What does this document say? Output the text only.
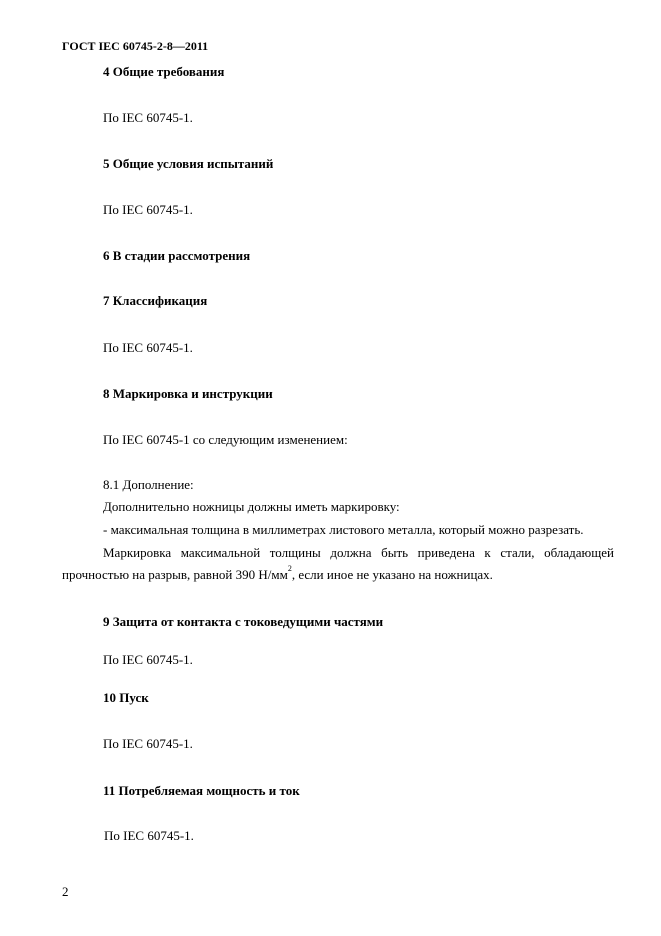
ГОСТ IEC 60745-2-8—2011
4 Общие требования
По IEC 60745-1.
5 Общие условия испытаний
По IEC 60745-1.
6 В стадии рассмотрения
7 Классификация
По IEC 60745-1.
8 Маркировка и инструкции
По IEC 60745-1 со следующим изменением:
8.1 Дополнение:
Дополнительно ножницы должны иметь маркировку:
- максимальная толщина в миллиметрах листового металла, который можно разрезать.
Маркировка максимальной толщины должна быть приведена к стали, обладающей
прочностью на разрыв, равной 390 $Н/мм^2$, если иное не указано на ножницах.
9 Защита от контакта с токоведущими частями
По IEC 60745-1.
10 Пуск
По IEC 60745-1.
11 Потребляемая мощность и ток
По IEC 60745-1.
2
